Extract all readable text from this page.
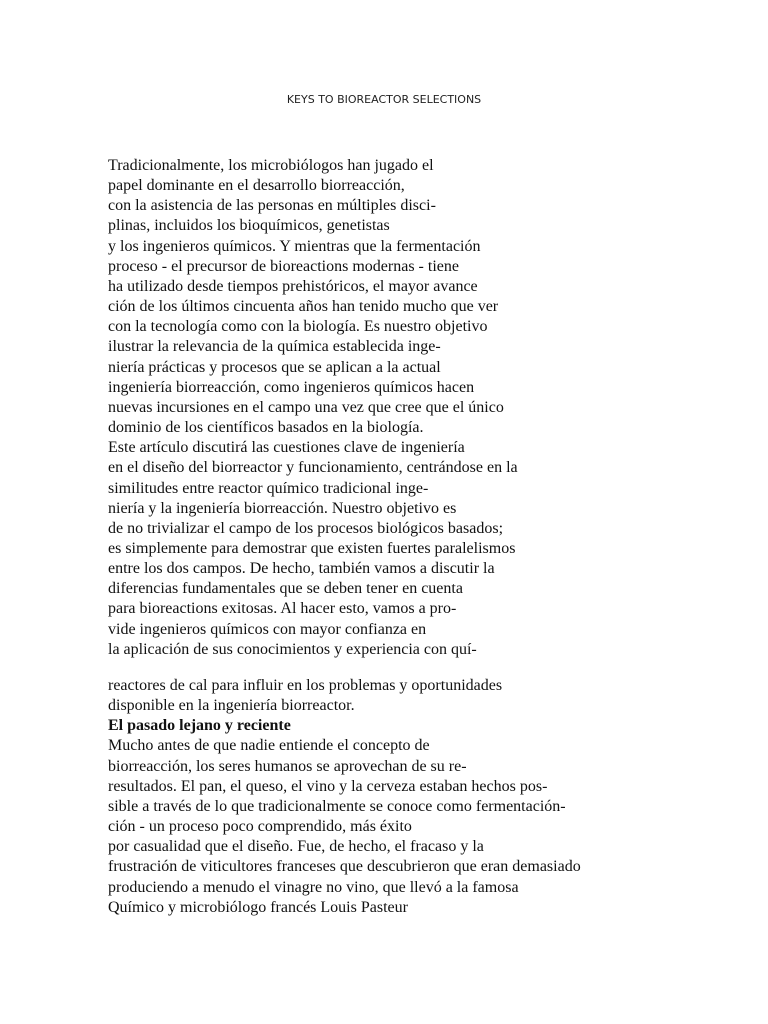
KEYS TO BIOREACTOR SELECTIONS
Tradicionalmente, los microbiólogos han jugado el
papel dominante en el desarrollo biorreacción,
con la asistencia de las personas en múltiples disci-
plinas, incluidos los bioquímicos, genetistas
y los ingenieros químicos. Y mientras que la fermentación
proceso - el precursor de bioreactions modernas - tiene
ha utilizado desde tiempos prehistóricos, el mayor avance
ción de los últimos cincuenta años han tenido mucho que ver
con la tecnología como con la biología. Es nuestro objetivo
ilustrar la relevancia de la química establecida inge-
niería prácticas y procesos que se aplican a la actual
ingeniería biorreacción, como ingenieros químicos hacen
nuevas incursiones en el campo una vez que cree que el único
dominio de los científicos basados en la biología.
Este artículo discutirá las cuestiones clave de ingeniería
en el diseño del biorreactor y funcionamiento, centrándose en la
similitudes entre reactor químico tradicional inge-
niería y la ingeniería biorreacción. Nuestro objetivo es
de no trivializar el campo de los procesos biológicos basados;
es simplemente para demostrar que existen fuertes paralelismos
entre los dos campos. De hecho, también vamos a discutir la
diferencias fundamentales que se deben tener en cuenta
para bioreactions exitosas. Al hacer esto, vamos a pro-
vide ingenieros químicos con mayor confianza en
la aplicación de sus conocimientos y experiencia con quí-
reactores de cal para influir en los problemas y oportunidades
disponible en la ingeniería biorreactor.
El pasado lejano y reciente
Mucho antes de que nadie entiende el concepto de
biorreacción, los seres humanos se aprovechan de su re-
resultados. El pan, el queso, el vino y la cerveza estaban hechos pos-
sible a través de lo que tradicionalmente se conoce como fermentación-
ción - un proceso poco comprendido, más éxito
por casualidad que el diseño. Fue, de hecho, el fracaso y la
frustración de viticultores franceses que descubrieron que eran demasiado
produciendo a menudo el vinagre no vino, que llevó a la famosa
Químico y microbiólogo francés Louis Pasteur
